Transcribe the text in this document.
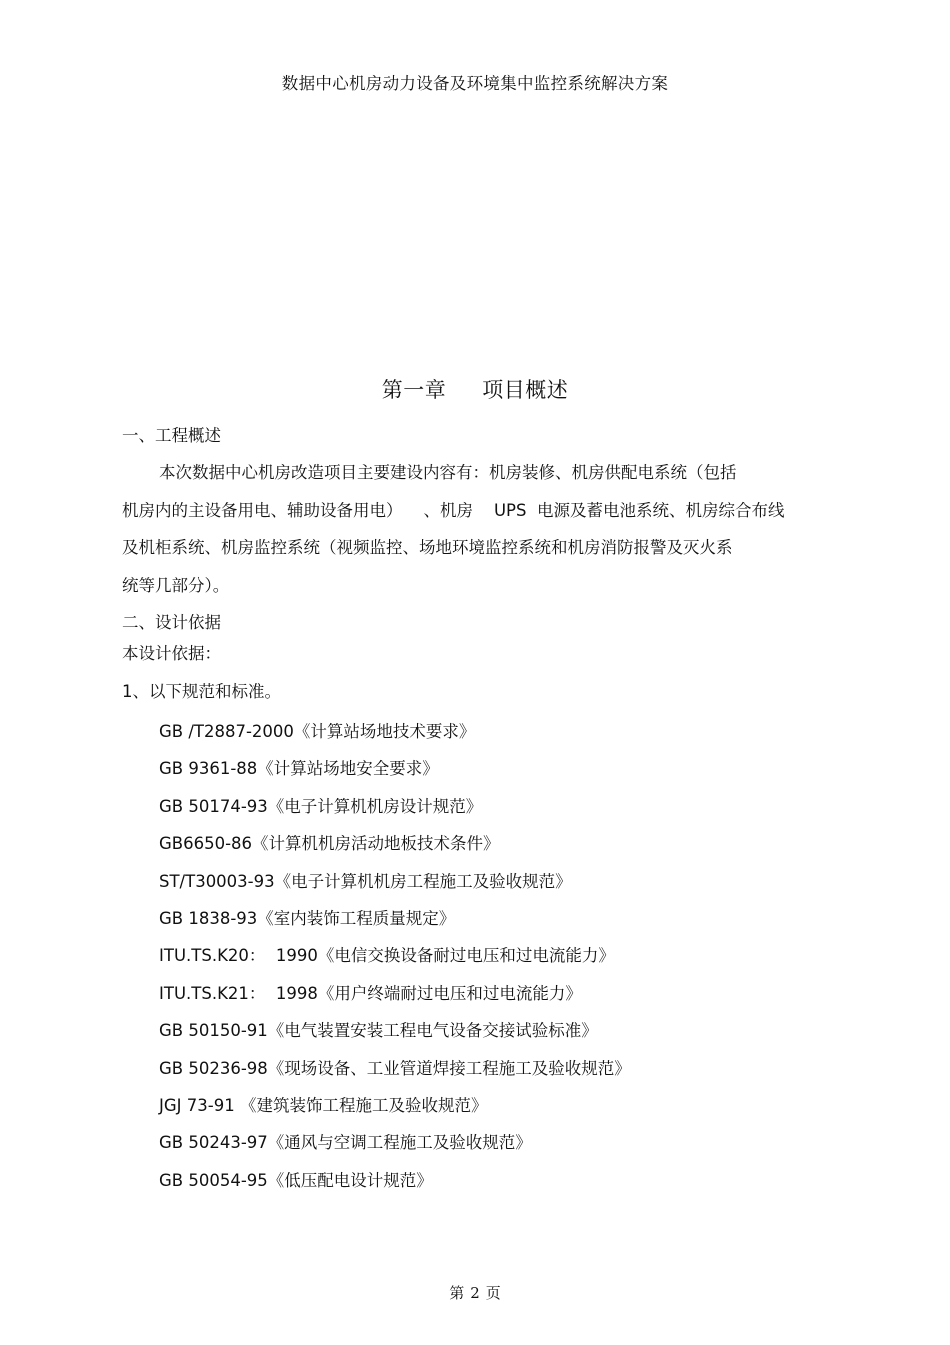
数据中心机房动力设备及环境集中监控系统解决方案
第一章 项目概述
一、工程概述
本次数据中心机房改造项目主要建设内容有：机房装修、机房供配电系统（包括
机房内的主设备用电、辅助设备用电）    、机房    UPS  电源及蓄电池系统、机房综合布线
及机柜系统、机房监控系统（视频监控、场地环境监控系统和机房消防报警及灭火系
统等几部分）。
二、设计依据
本设计依据：
1、以下规范和标准。
GB /T2887-2000《计算站场地技术要求》
GB 9361-88《计算站场地安全要求》
GB 50174-93《电子计算机机房设计规范》
GB6650-86《计算机机房活动地板技术条件》
ST/T30003-93《电子计算机机房工程施工及验收规范》
GB 1838-93《室内装饰工程质量规定》
ITU.TS.K20：  1990《电信交换设备耐过电压和过电流能力》
ITU.TS.K21：  1998《用户终端耐过电压和过电流能力》
GB 50150-91《电气装置安装工程电气设备交接试验标准》
GB 50236-98《现场设备、工业管道焊接工程施工及验收规范》
JGJ 73-91 《建筑装饰工程施工及验收规范》
GB 50243-97《通风与空调工程施工及验收规范》
GB 50054-95《低压配电设计规范》
第 2 页
